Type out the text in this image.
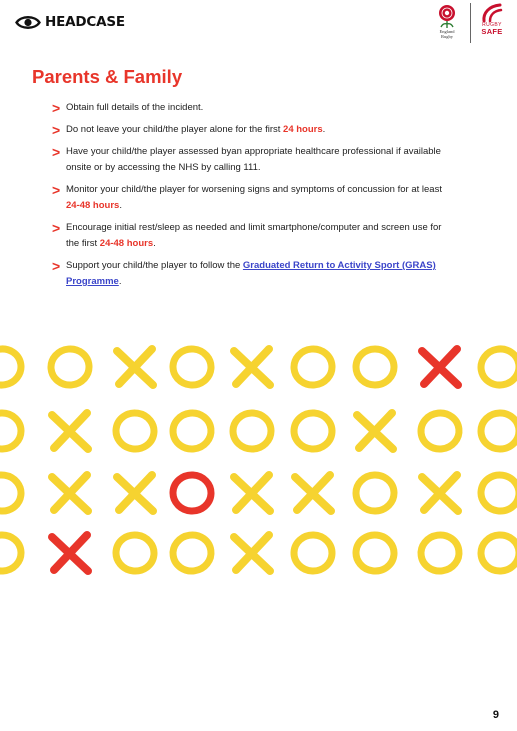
HEADCASE
England
Rugby
RUGBY
SAFE
Parents & Family
> Obtain full details of the incident.
> Do not leave your child/the player alone for the first 24 hours.
> Have your child/the player assessed byan appropriate healthcare professional if available onsite or by accessing the NHS by calling 111.
> Monitor your child/the player for worsening signs and symptoms of concussion for at least 24-48 hours.
> Encourage initial rest/sleep as needed and limit smartphone/computer and screen use for the first 24-48 hours.
> Support your child/the player to follow the Graduated Return to Activity Sport (GRAS) Programme.
9
